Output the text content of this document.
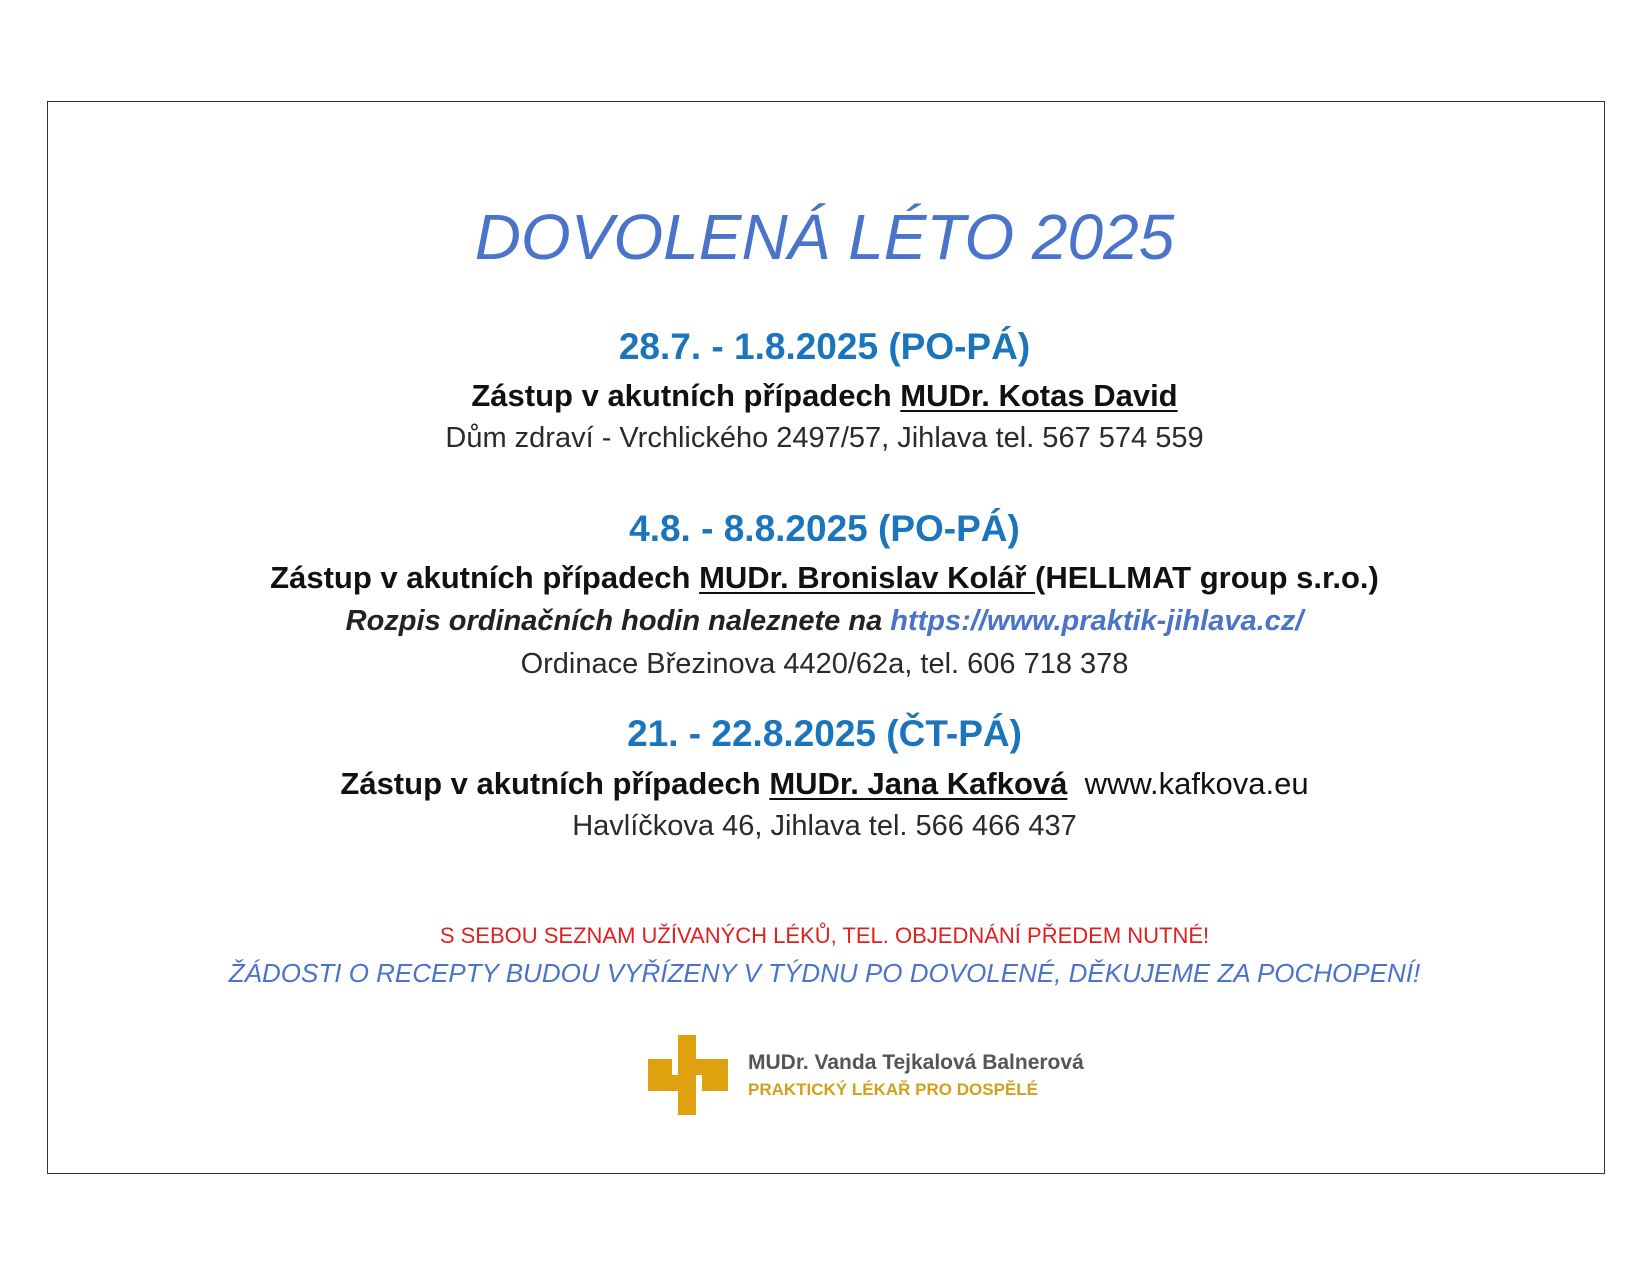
DOVOLENÁ LÉTO 2025
28.7. - 1.8.2025 (PO-PÁ)
Zástup v akutních případech MUDr. Kotas David
Dům zdraví - Vrchlického 2497/57, Jihlava tel. 567 574 559
4.8. - 8.8.2025 (PO-PÁ)
Zástup v akutních případech MUDr. Bronislav Kolář (HELLMAT group s.r.o.)
Rozpis ordinačních hodin naleznete na https://www.praktik-jihlava.cz/
Ordinace Březinova 4420/62a, tel. 606 718 378
21. - 22.8.2025 (ČT-PÁ)
Zástup v akutních případech MUDr. Jana Kafková www.kafkova.eu
Havlíčkova 46, Jihlava tel. 566 466 437
S SEBOU SEZNAM UŽÍVANÝCH LÉKŮ, TEL. OBJEDNÁNÍ PŘEDEM NUTNÉ!
ŽÁDOSTI O RECEPTY BUDOU VYŘÍZENY V TÝDNU PO DOVOLENÉ, DĚKUJEME ZA POCHOPENÍ!
MUDr. Vanda Tejkalová Balnerová
PRAKTICKÝ LÉKAŘ PRO DOSPĚLÉ
